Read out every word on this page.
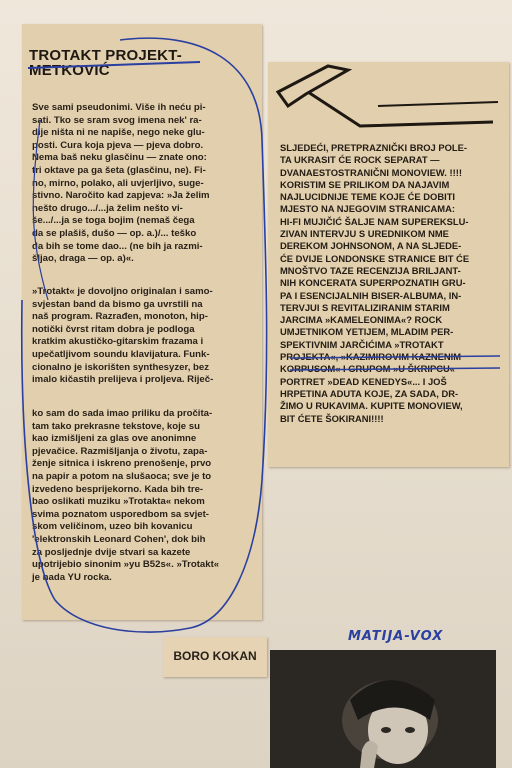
TROTAKT PROJEKT-
METKOVIĆ
Sve sami pseudonimi. Više ih neću pi-
sati. Tko se sram svog imena nek' ra-
dije ništa ni ne napiše, nego neke glu-
posti. Cura koja pjeva — pjeva dobro.
Nema baš neku glasčinu — znate ono:
tri oktave pa ga šeta (glasčinu, ne). Fi-
no, mirno, polako, ali uvjerljivo, suge-
stivno. Naročito kad zapjeva: »Ja želim
nešto drugo.../...ja želim nešto vi-
še.../...ja se toga bojim (nemaš čega
da se plašiš, dušo — op. a.)/... teško
da bih se tome dao... (ne bih ja razmi-
šljao, draga — op. a)«.
»Trotakt« je dovoljno originalan i samo-
svjestan band da bismo ga uvrstili na
naš program. Razrađen, monoton, hip-
notički čvrst ritam dobra je podloga
kratkim akustičko-gitarskim frazama i
upečatljivom soundu klavijatura. Funk-
cionalno je iskorišten synthesyzer, bez
imalo kičastih prelijeva i proljeva. Riječ-
ko sam do sada imao priliku da pročita-
tam tako prekrasne tekstove, koje su
kao izmišljeni za glas ove anonimne
pjevačice. Razmišljanja o životu, zapa-
ženje sitnica i iskreno prenošenje, prvo
na papir a potom na slušaoca; sve je to
izvedeno besprijekorno. Kada bih tre-
bao oslikati muziku »Trotakta« nekom
svima poznatom usporedbom sa svjet-
skom veličinom, uzeo bih kovanicu
'elektronskih Leonard Cohen', dok bih
za posljednje dvije stvari sa kazete
upotrijebio sinonim »yu B52s«. »Trotakt«
je nada YU rocka.
SLJEDEĆI, PRETPRAZNIČKI BROJ POLE-
TA UKRASIT ĆE ROCK SEPARAT —
DVANAESTOSTRANIČNI MONOVIEW. !!!!
KORISTIM SE PRILIKOM DA NAJAVIM
NAJLUCIDNIJE TEME KOJE ĆE DOBITI
MJESTO NA NJEGOVIM STRANICAMA:
HI-FI MUJIČIĆ ŠALJE NAM SUPEREKSLU-
ZIVAN INTERVJU S UREDNIKOM NME
DEREKOM JOHNSONOM, A NA SLJEDE-
ĆE DVIJE LONDONSKE STRANICE BIT ĆE
MNOŠTVO TAZE RECENZIJA BRILJANT-
NIH KONCERATA SUPERPOZNATIH GRU-
PA I ESENCIJALNIH BISER-ALBUMA, IN-
TERVJUI S REVITALIZIRANIM STARIM
JARCIMA »KAMELEONIMA«? ROCK
UMJETNIKOM YETIJEM, MLADIM PER-
SPEKTIVNIM JARČIĆIMA »TROTAKT
PROJEKTA«, »KAZIMIROVIM KAZNENIM
KORPUSOM« I GRUPOM »U ŠKRIPCU«
PORTRET »DEAD KENEDYS«... I JOŠ
HRPETINA ADUTA KOJE, ZA SADA, DR-
ŽIMO U RUKAVIMA. KUPITE MONOVIEW,
BIT ĆETE ŠOKIRANI!!!!
BORO KOKAN
MATIJA-VOX
